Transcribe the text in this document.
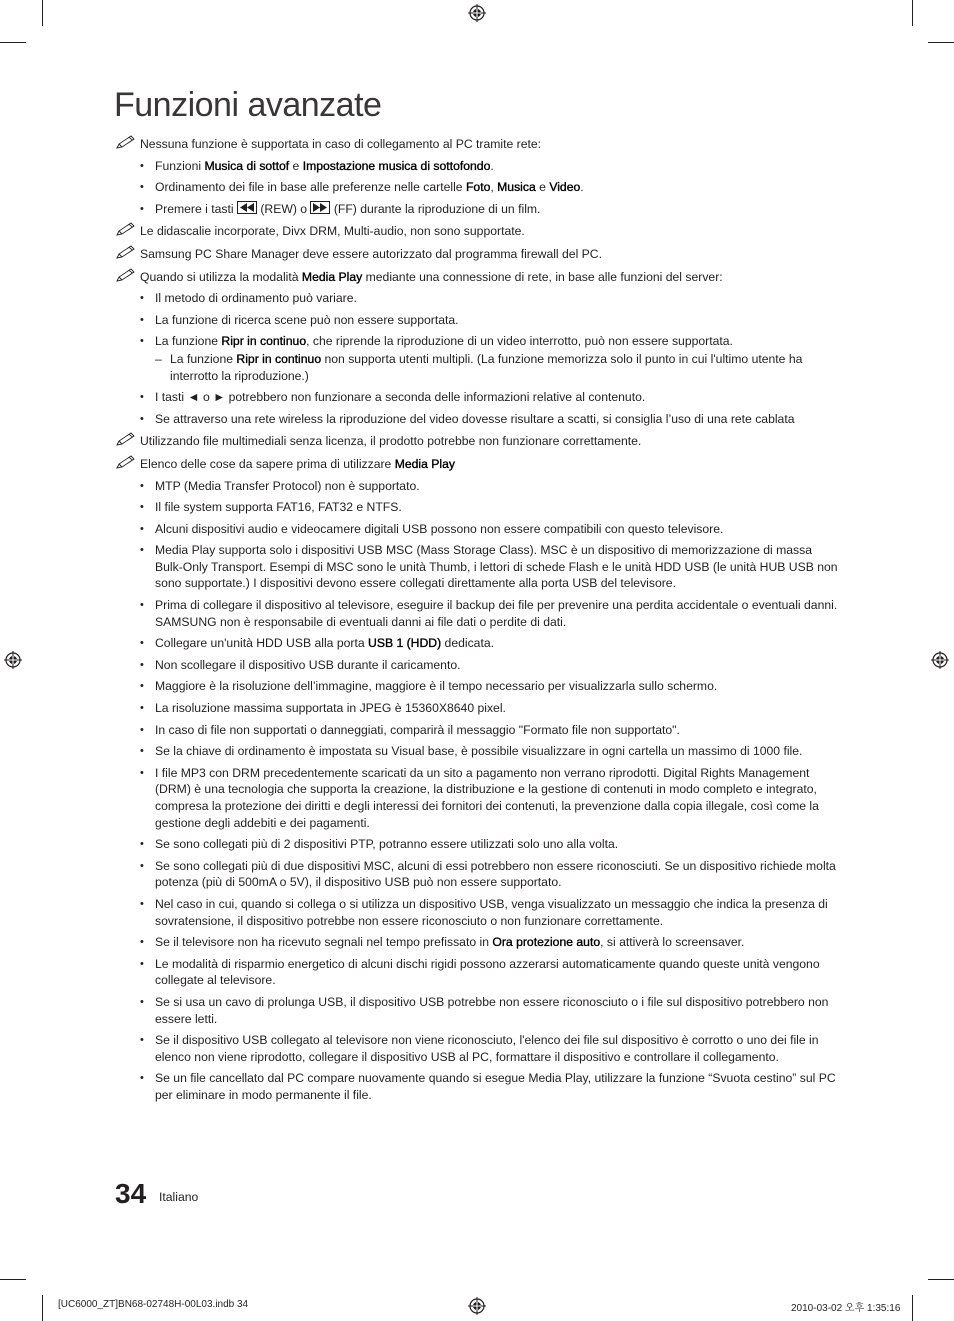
Funzioni avanzate
Nessuna funzione è supportata in caso di collegamento al PC tramite rete:
• Funzioni Musica di sottof e Impostazione musica di sottofondo.
• Ordinamento dei file in base alle preferenze nelle cartelle Foto, Musica e Video.
• Premere i tasti
(REW) o
(FF) durante la riproduzione di un film.
Le didascalie incorporate, Divx DRM, Multi-audio, non sono supportate.
Samsung PC Share Manager deve essere autorizzato dal programma firewall del PC.
Quando si utilizza la modalità Media Play mediante una connessione di rete, in base alle funzioni del server:
• Il metodo di ordinamento può variare.
• La funzione di ricerca scene può non essere supportata.
• La funzione Ripr in continuo, che riprende la riproduzione di un video interrotto, può non essere supportata.
– La funzione Ripr in continuo non supporta utenti multipli. (La funzione memorizza solo il punto in cui l'ultimo utente ha interrotto la riproduzione.)
• I tasti ◄ o ► potrebbero non funzionare a seconda delle informazioni relative al contenuto.
• Se attraverso una rete wireless la riproduzione del video dovesse risultare a scatti, si consiglia l’uso di una rete cablata
Utilizzando file multimediali senza licenza, il prodotto potrebbe non funzionare correttamente.
Elenco delle cose da sapere prima di utilizzare Media Play
• MTP (Media Transfer Protocol) non è supportato.
• Il file system supporta FAT16, FAT32 e NTFS.
• Alcuni dispositivi audio e videocamere digitali USB possono non essere compatibili con questo televisore.
• Media Play supporta solo i dispositivi USB MSC (Mass Storage Class). MSC è un dispositivo di memorizzazione di massa Bulk-Only Transport. Esempi di MSC sono le unità Thumb, i lettori di schede Flash e le unità HDD USB (le unità HUB USB non sono supportate.) I dispositivi devono essere collegati direttamente alla porta USB del televisore.
• Prima di collegare il dispositivo al televisore, eseguire il backup dei file per prevenire una perdita accidentale o eventuali danni. SAMSUNG non è responsabile di eventuali danni ai file dati o perdite di dati.
• Collegare un'unità HDD USB alla porta USB 1 (HDD) dedicata.
• Non scollegare il dispositivo USB durante il caricamento.
• Maggiore è la risoluzione dell’immagine, maggiore è il tempo necessario per visualizzarla sullo schermo.
• La risoluzione massima supportata in JPEG è 15360X8640 pixel.
• In caso di file non supportati o danneggiati, comparirà il messaggio "Formato file non supportato".
• Se la chiave di ordinamento è impostata su Visual base, è possibile visualizzare in ogni cartella un massimo di 1000 file.
• I file MP3 con DRM precedentemente scaricati da un sito a pagamento non verrano riprodotti. Digital Rights Management (DRM) è una tecnologia che supporta la creazione, la distribuzione e la gestione di contenuti in modo completo e integrato, compresa la protezione dei diritti e degli interessi dei fornitori dei contenuti, la prevenzione dalla copia illegale, così come la gestione degli addebiti e dei pagamenti.
• Se sono collegati più di 2 dispositivi PTP, potranno essere utilizzati solo uno alla volta.
• Se sono collegati più di due dispositivi MSC, alcuni di essi potrebbero non essere riconosciuti. Se un dispositivo richiede molta potenza (più di 500mA o 5V), il dispositivo USB può non essere supportato.
• Nel caso in cui, quando si collega o si utilizza un dispositivo USB, venga visualizzato un messaggio che indica la presenza di sovratensione, il dispositivo potrebbe non essere riconosciuto o non funzionare correttamente.
• Se il televisore non ha ricevuto segnali nel tempo prefissato in Ora protezione auto, si attiverà lo screensaver.
• Le modalità di risparmio energetico di alcuni dischi rigidi possono azzerarsi automaticamente quando queste unità vengono collegate al televisore.
• Se si usa un cavo di prolunga USB, il dispositivo USB potrebbe non essere riconosciuto o i file sul dispositivo potrebbero non essere letti.
• Se il dispositivo USB collegato al televisore non viene riconosciuto, l'elenco dei file sul dispositivo è corrotto o uno dei file in elenco non viene riprodotto, collegare il dispositivo USB al PC, formattare il dispositivo e controllare il collegamento.
• Se un file cancellato dal PC compare nuovamente quando si esegue Media Play, utilizzare la funzione “Svuota cestino” sul PC per eliminare in modo permanente il file.
34 Italiano
[UC6000_ZT]BN68-02748H-00L03.indb 34	2010-03-02 오후 1:35:16
